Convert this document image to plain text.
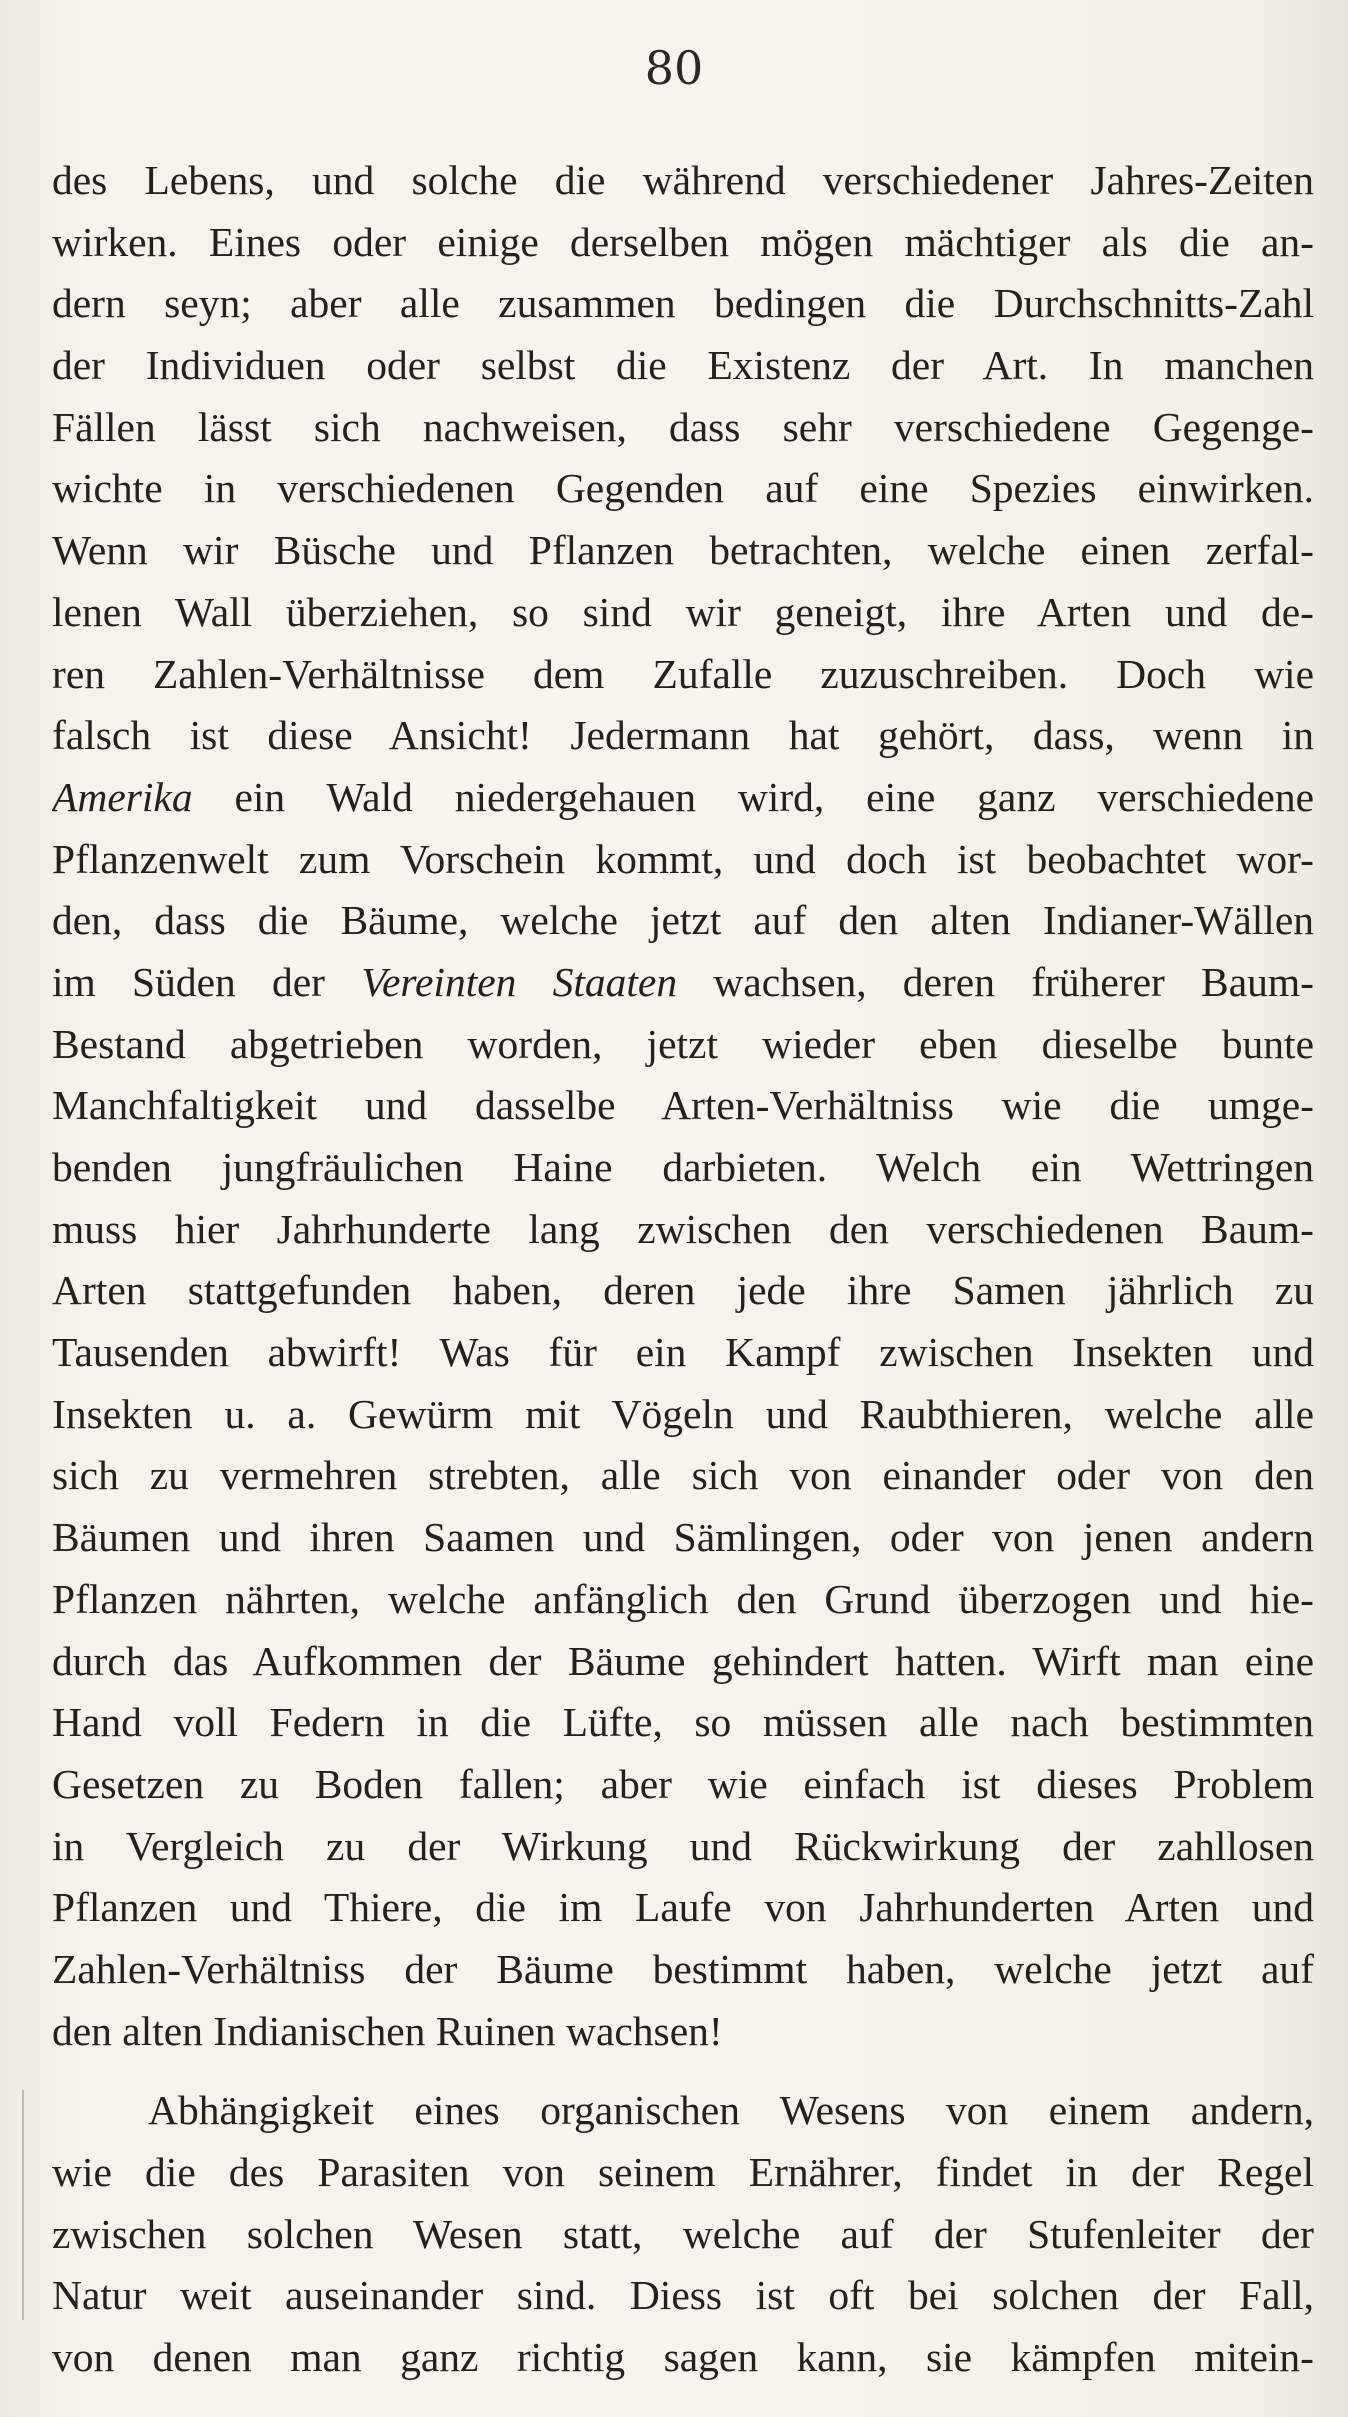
80
des Lebens, und solche die während verschiedener Jahres-Zeiten
wirken. Eines oder einige derselben mögen mächtiger als die an-
dern seyn; aber alle zusammen bedingen die Durchschnitts-Zahl
der Individuen oder selbst die Existenz der Art. In manchen
Fällen lässt sich nachweisen, dass sehr verschiedene Gegenge-
wichte in verschiedenen Gegenden auf eine Spezies einwirken.
Wenn wir Büsche und Pflanzen betrachten, welche einen zerfal-
lenen Wall überziehen, so sind wir geneigt, ihre Arten und de-
ren Zahlen-Verhältnisse dem Zufalle zuzuschreiben. Doch wie
falsch ist diese Ansicht! Jedermann hat gehört, dass, wenn in
Amerika ein Wald niedergehauen wird, eine ganz verschiedene
Pflanzenwelt zum Vorschein kommt, und doch ist beobachtet wor-
den, dass die Bäume, welche jetzt auf den alten Indianer-Wällen
im Süden der Vereinten Staaten wachsen, deren früherer Baum-
Bestand abgetrieben worden, jetzt wieder eben dieselbe bunte
Manchfaltigkeit und dasselbe Arten-Verhältniss wie die umge-
benden jungfräulichen Haine darbieten. Welch ein Wettringen
muss hier Jahrhunderte lang zwischen den verschiedenen Baum-
Arten stattgefunden haben, deren jede ihre Samen jährlich zu
Tausenden abwirft! Was für ein Kampf zwischen Insekten und
Insekten u. a. Gewürm mit Vögeln und Raubthieren, welche alle
sich zu vermehren strebten, alle sich von einander oder von den
Bäumen und ihren Saamen und Sämlingen, oder von jenen andern
Pflanzen nährten, welche anfänglich den Grund überzogen und hie-
durch das Aufkommen der Bäume gehindert hatten. Wirft man eine
Hand voll Federn in die Lüfte, so müssen alle nach bestimmten
Gesetzen zu Boden fallen; aber wie einfach ist dieses Problem
in Vergleich zu der Wirkung und Rückwirkung der zahllosen
Pflanzen und Thiere, die im Laufe von Jahrhunderten Arten und
Zahlen-Verhältniss der Bäume bestimmt haben, welche jetzt auf
den alten Indianischen Ruinen wachsen!
Abhängigkeit eines organischen Wesens von einem andern,
wie die des Parasiten von seinem Ernährer, findet in der Regel
zwischen solchen Wesen statt, welche auf der Stufenleiter der
Natur weit auseinander sind. Diess ist oft bei solchen der Fall,
von denen man ganz richtig sagen kann, sie kämpfen mitein-
